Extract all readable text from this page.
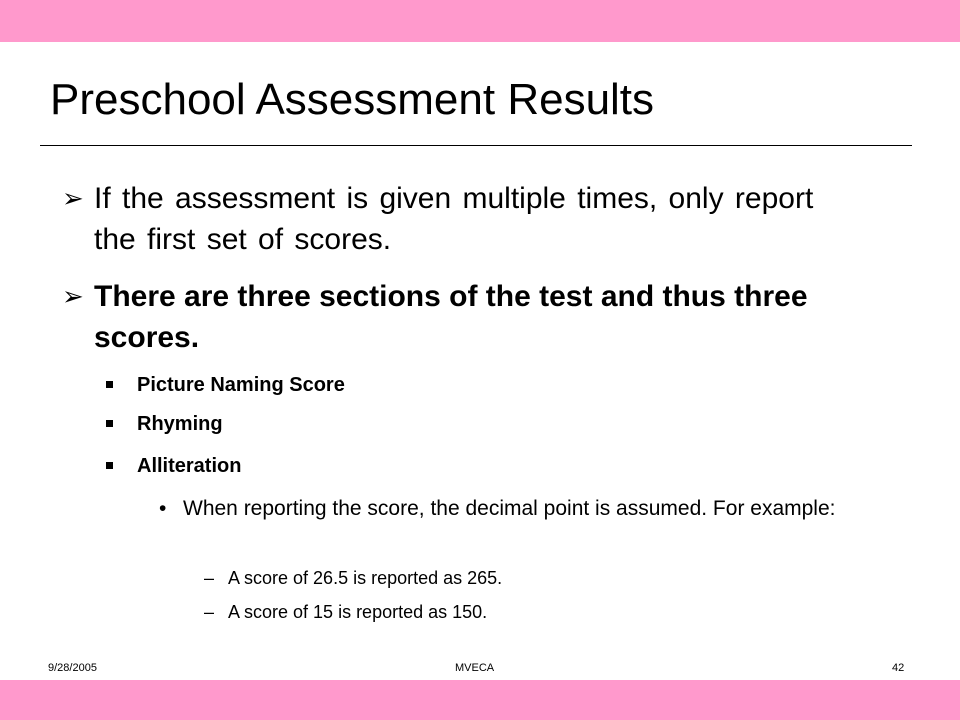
Preschool Assessment Results
➢ If the assessment is given multiple times, only report the first set of scores.
➢ There are three sections of the test and thus three scores.
Picture Naming Score
Rhyming
Alliteration
• When reporting the score, the decimal point is assumed. For example:
– A score of 26.5 is reported as 265.
– A score of 15 is reported as 150.
9/28/2005	MVECA	42
